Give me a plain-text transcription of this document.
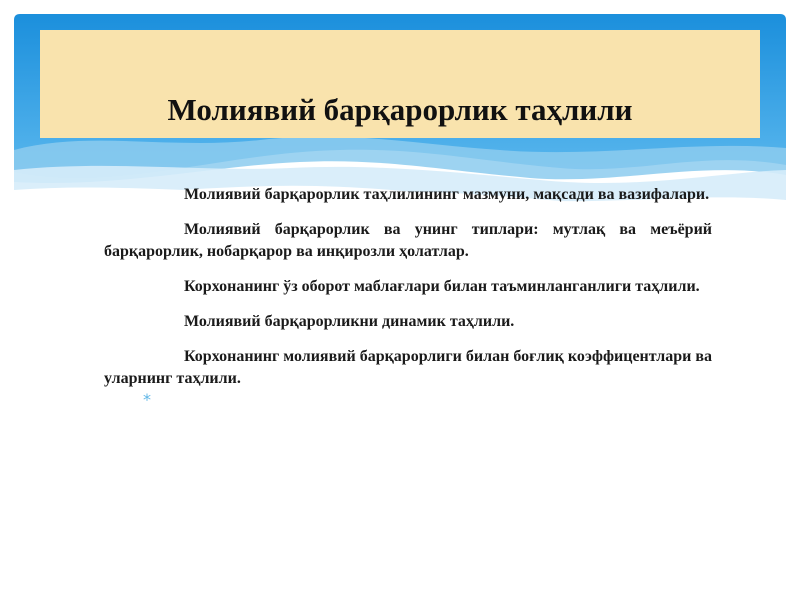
Молиявий барқарорлик таҳлили
*

Молиявий барқарорлик таҳлилининг мазмуни, мақсади ва вазифалари.

Молиявий барқарорлик ва унинг типлари: мутлақ ва меъёрий барқарорлик, нобарқарор ва инқирозли ҳолатлар.

Корхонанинг ўз оборот маблағлари билан таъминланганлиги таҳлили.

Молиявий барқарорликни динамик таҳлили.

Корхонанинг молиявий барқарорлиги билан боғлиқ коэффицентлари ва уларнинг таҳлили.
